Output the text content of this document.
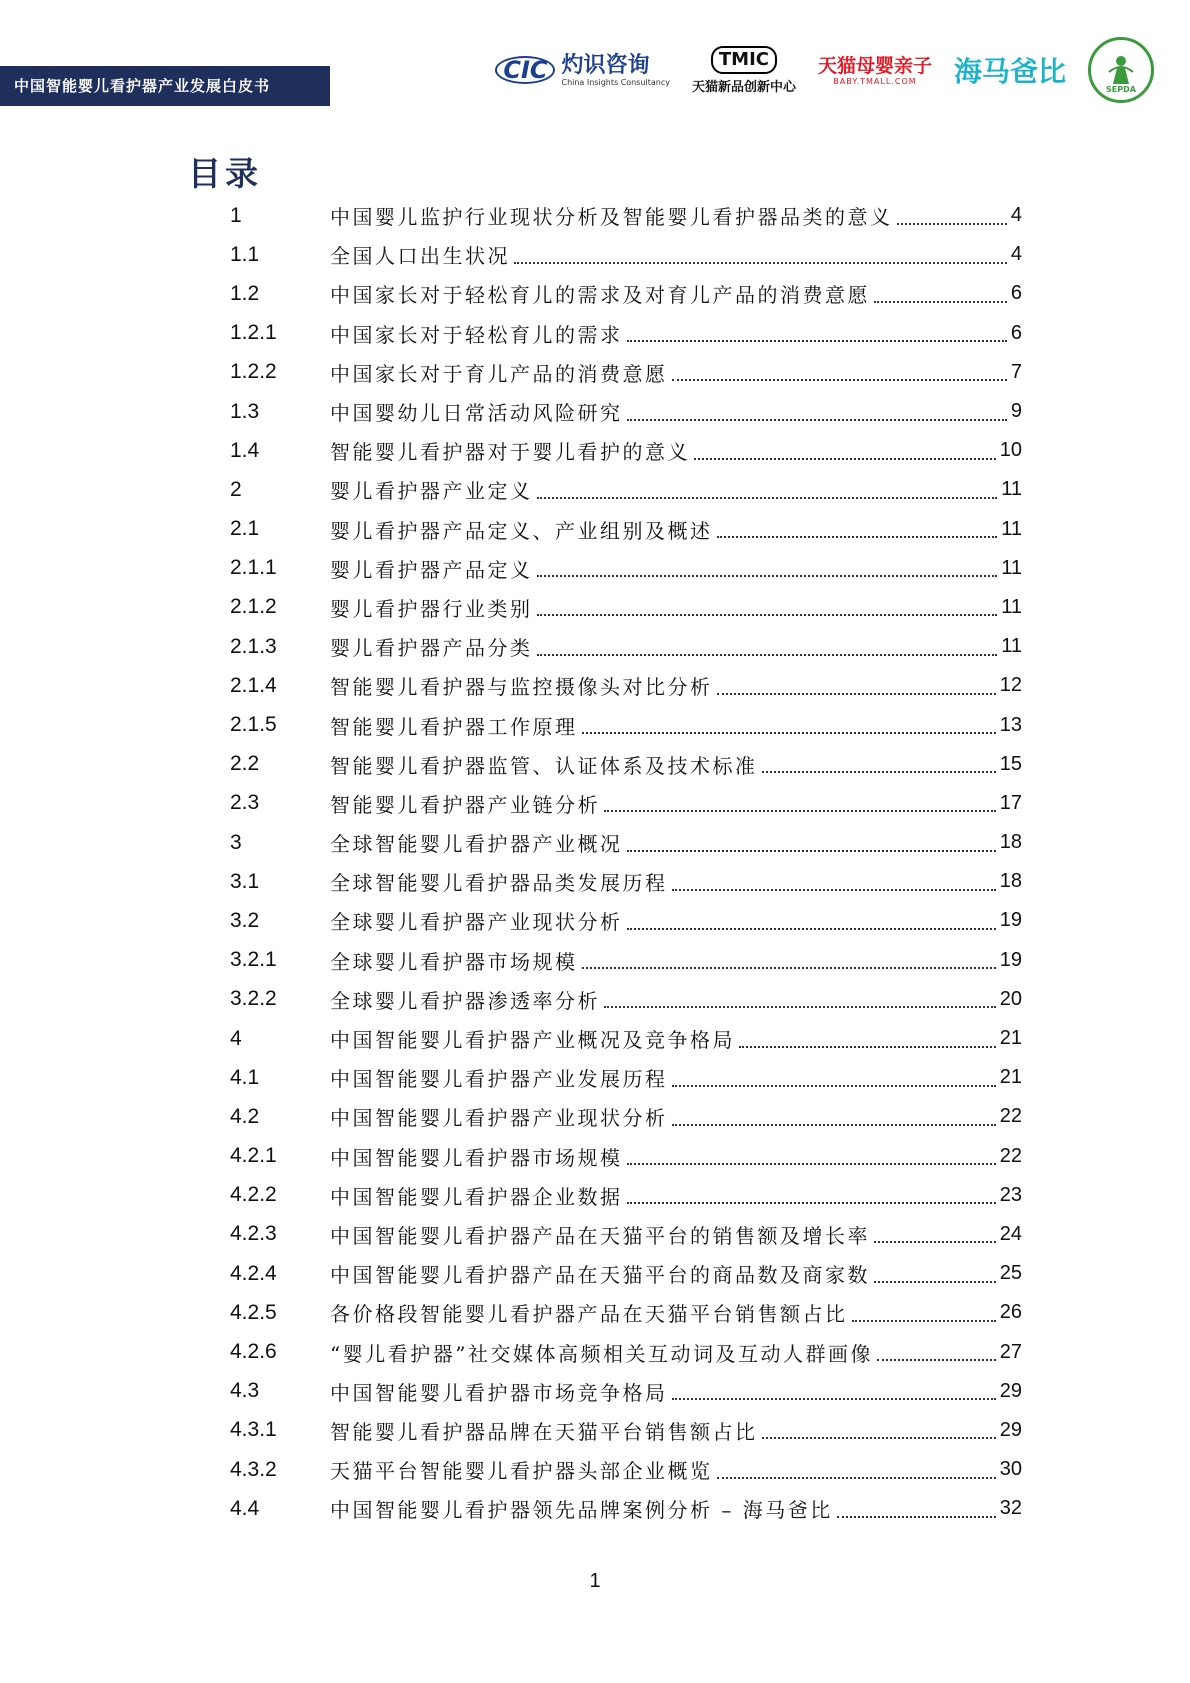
中国智能婴儿看护器产业发展白皮书
CIC 灼识咨询
China Insights Consultancy
TMIC
天猫新品创新中心
天猫母婴亲子
BABY.TMALL.COM 海马爸比
SEPDA
目录
1	中国婴儿监护行业现状分析及智能婴儿看护器品类的意义	4
1.1	全国人口出生状况	4
1.2	中国家长对于轻松育儿的需求及对育儿产品的消费意愿	6
1.2.1	中国家长对于轻松育儿的需求	6
1.2.2	中国家长对于育儿产品的消费意愿	7
1.3	中国婴幼儿日常活动风险研究	9
1.4	智能婴儿看护器对于婴儿看护的意义	10
2	婴儿看护器产业定义	11
2.1	婴儿看护器产品定义、产业组别及概述	11
2.1.1	婴儿看护器产品定义	11
2.1.2	婴儿看护器行业类别	11
2.1.3	婴儿看护器产品分类	11
2.1.4	智能婴儿看护器与监控摄像头对比分析	12
2.1.5	智能婴儿看护器工作原理	13
2.2	智能婴儿看护器监管、认证体系及技术标准	15
2.3	智能婴儿看护器产业链分析	17
3	全球智能婴儿看护器产业概况	18
3.1	全球智能婴儿看护器品类发展历程	18
3.2	全球婴儿看护器产业现状分析	19
3.2.1	全球婴儿看护器市场规模	19
3.2.2	全球婴儿看护器渗透率分析	20
4	中国智能婴儿看护器产业概况及竞争格局	21
4.1	中国智能婴儿看护器产业发展历程	21
4.2	中国智能婴儿看护器产业现状分析	22
4.2.1	中国智能婴儿看护器市场规模	22
4.2.2	中国智能婴儿看护器企业数据	23
4.2.3	中国智能婴儿看护器产品在天猫平台的销售额及增长率	24
4.2.4	中国智能婴儿看护器产品在天猫平台的商品数及商家数	25
4.2.5	各价格段智能婴儿看护器产品在天猫平台销售额占比	26
4.2.6	“婴儿看护器”社交媒体高频相关互动词及互动人群画像	27
4.3	中国智能婴儿看护器市场竞争格局	29
4.3.1	智能婴儿看护器品牌在天猫平台销售额占比	29
4.3.2	天猫平台智能婴儿看护器头部企业概览	30
4.4	中国智能婴儿看护器领先品牌案例分析 – 海马爸比	32
1
